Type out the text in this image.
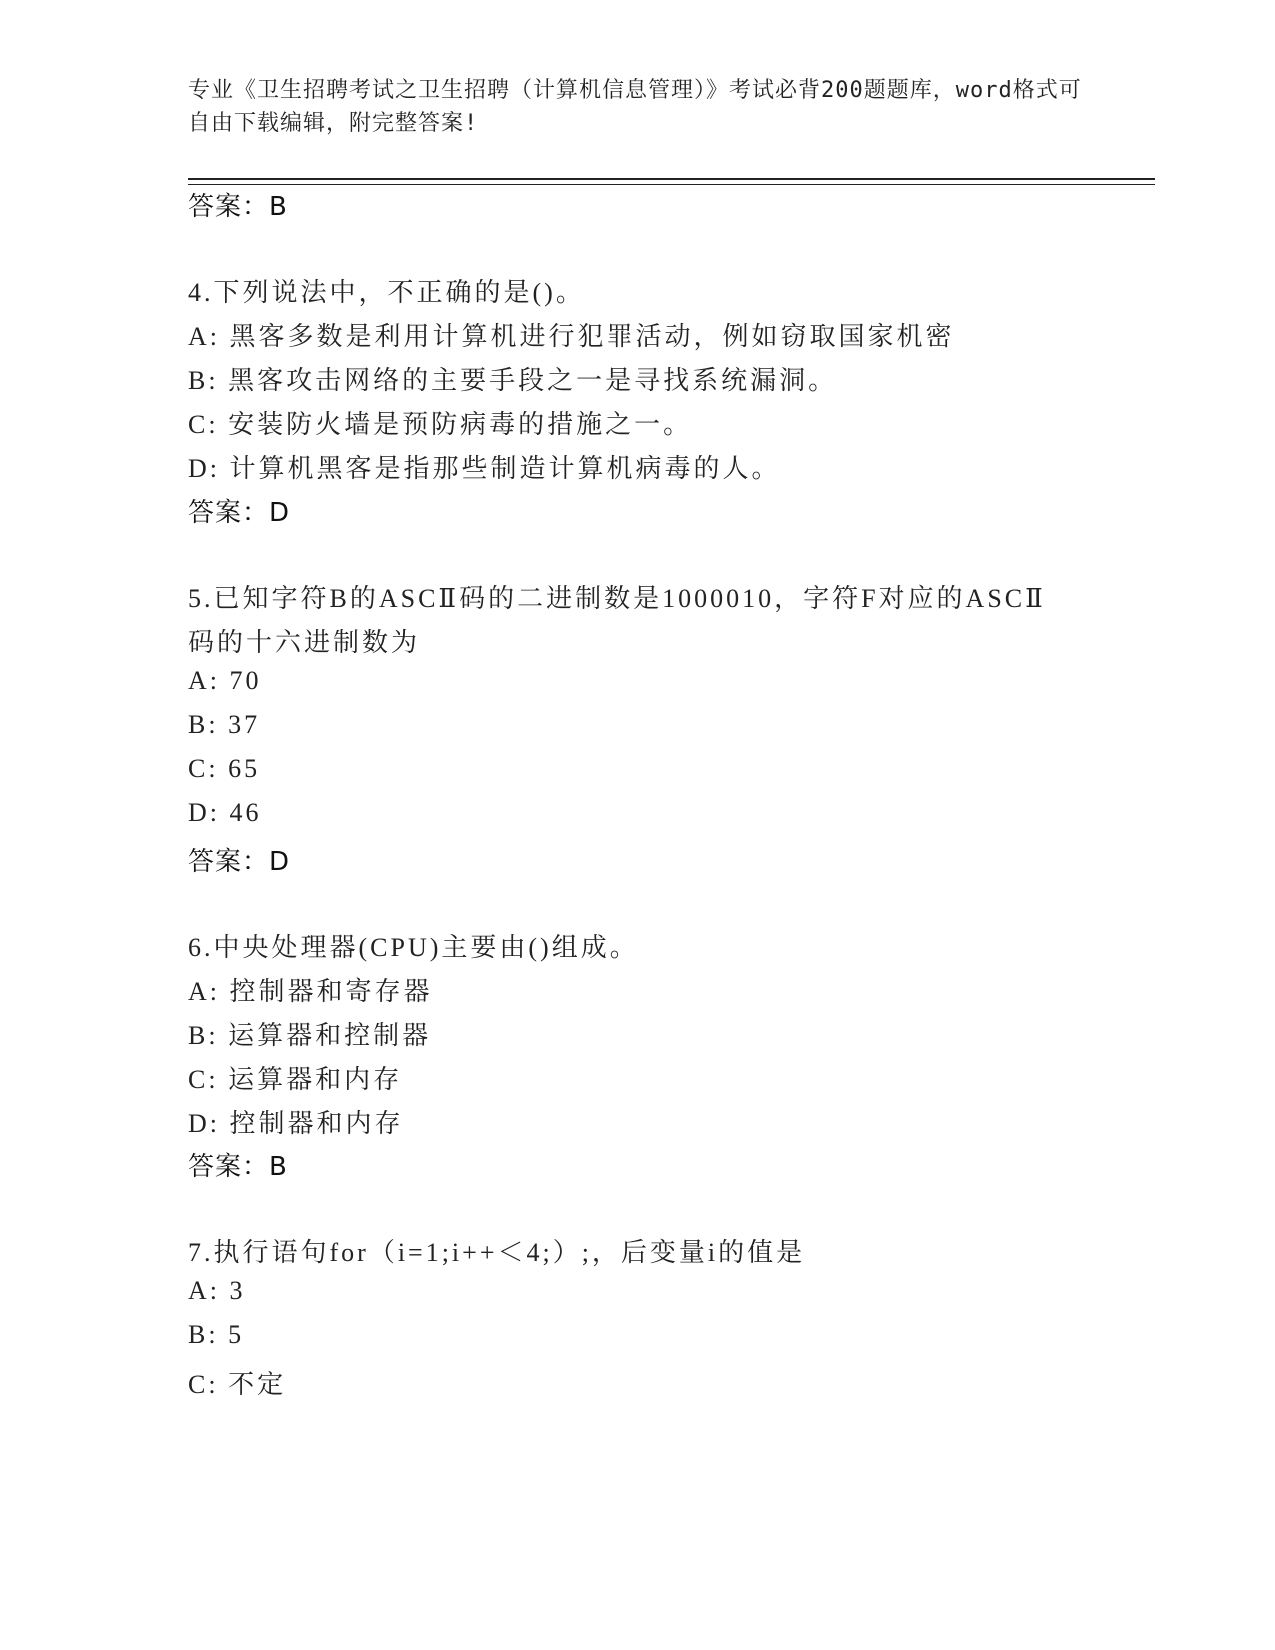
专业《卫生招聘考试之卫生招聘（计算机信息管理）》考试必背200题题库，word格式可自由下载编辑，附完整答案!
答案：B
4.下列说法中，不正确的是()。
A: 黑客多数是利用计算机进行犯罪活动，例如窃取国家机密
B: 黑客攻击网络的主要手段之一是寻找系统漏洞。
C: 安装防火墙是预防病毒的措施之一。
D: 计算机黑客是指那些制造计算机病毒的人。
答案：D
5.已知字符B的ASCⅡ码的二进制数是1000010，字符F对应的ASCⅡ
码的十六进制数为
A: 70
B: 37
C: 65
D: 46
答案：D
6.中央处理器(CPU)主要由()组成。
A: 控制器和寄存器
B: 运算器和控制器
C: 运算器和内存
D: 控制器和内存
答案：B
7.执行语句for（i=1;i++＜4;）;，后变量i的值是
A: 3
B: 5
C: 不定
